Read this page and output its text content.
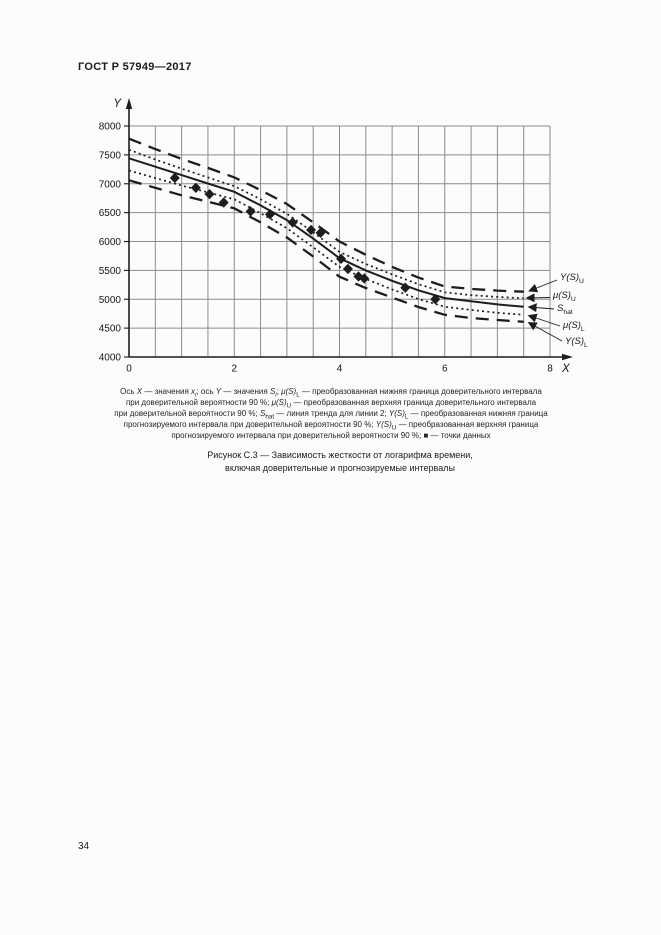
ГОСТ Р 57949—2017
4000
4500
5000
5500
6000
6500
7000
7500
8000
0	2	4	6	8
Y
X
$Y(S)_U$
$\mu(S)_U$
$S_{hat}$
$\mu(S)_L$
$Y(S)_L$
Ось X — значения $x_i$; ось Y — значения $S_i$; $\mu(S)_L$ — преобразованная нижняя граница доверительного интервала
при доверительной вероятности 90 %; $\mu(S)_U$ — преобразованная верхняя граница доверительного интервала
при доверительной вероятности 90 %; $S_{hat}$ — линия тренда для линии 2; $Y(S)_L$ — преобразованная нижняя граница
прогнозируемого интервала при доверительной вероятности 90 %; $Y(S)_U$ — преобразованная верхняя граница
прогнозируемого интервала при доверительной вероятности 90 %; ■ — точки данных
Рисунок С.3 — Зависимость жесткости от логарифма времени,
включая доверительные и прогнозируемые интервалы
34
